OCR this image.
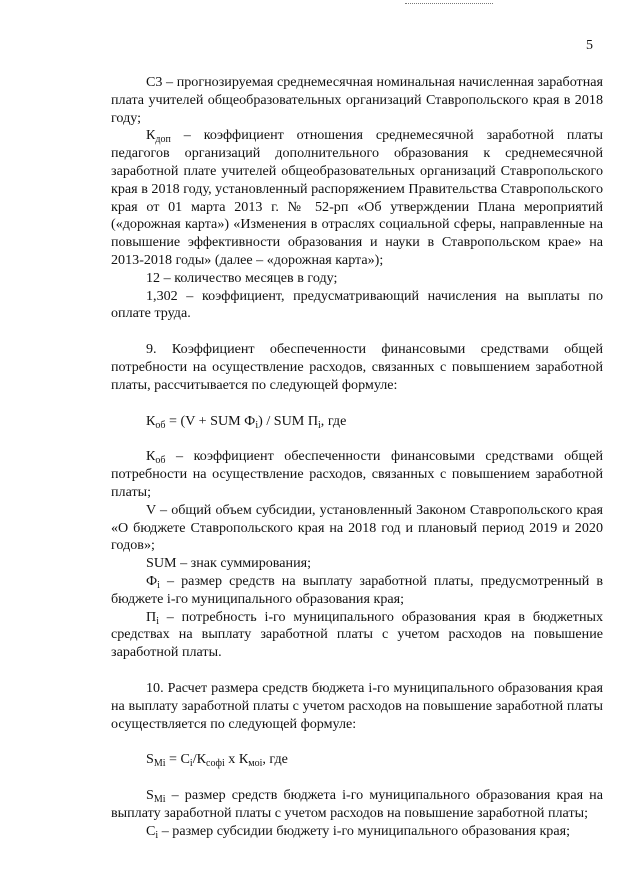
5

С3 – прогнозируемая среднемесячная номинальная начисленная заработная плата учителей общеобразовательных организаций Ставропольского края в 2018 году;

$К_{доп}$ – коэффициент отношения среднемесячной заработной платы педагогов организаций дополнительного образования к среднемесячной заработной плате учителей общеобразовательных организаций Ставропольского края в 2018 году, установленный распоряжением Правительства Ставропольского края от 01 марта 2013 г. № 52-рп «Об утверждении Плана мероприятий («дорожная карта») «Изменения в отраслях социальной сферы, направленные на повышение эффективности образования и науки в Ставропольском крае» на 2013-2018 годы» (далее – «дорожная карта»);

12 – количество месяцев в году;

1,302 – коэффициент, предусматривающий начисления на выплаты по оплате труда.

9. Коэффициент обеспеченности финансовыми средствами общей потребности на осуществление расходов, связанных с повышением заработной платы, рассчитывается по следующей формуле:

$К_{об} = (V$ + SUM $Ф_i$) / SUM $П_i$, где

$К_{об}$ – коэффициент обеспеченности финансовыми средствами общей потребности на осуществление расходов, связанных с повышением заработной платы;

V – общий объем субсидии, установленный Законом Ставропольского края «О бюджете Ставропольского края на 2018 год и плановый период 2019 и 2020 годов»;

SUM – знак суммирования;

$Ф_i$ – размер средств на выплату заработной платы, предусмотренный в бюджете i-го муниципального образования края;

$П_i$ – потребность i-го муниципального образования края в бюджетных средствах на выплату заработной платы с учетом расходов на повышение заработной платы.

10. Расчет размера средств бюджета i-го муниципального образования края на выплату заработной платы с учетом расходов на повышение заработной платы осуществляется по следующей формуле:

$S_{Mi} = C_i/К_{софі}$ х $К_{мoi}$, где

$S_{Mi}$ – размер средств бюджета i-го муниципального образования края на выплату заработной платы с учетом расходов на повышение заработной платы;

$C_i$ – размер субсидии бюджету i-го муниципального образования края;
